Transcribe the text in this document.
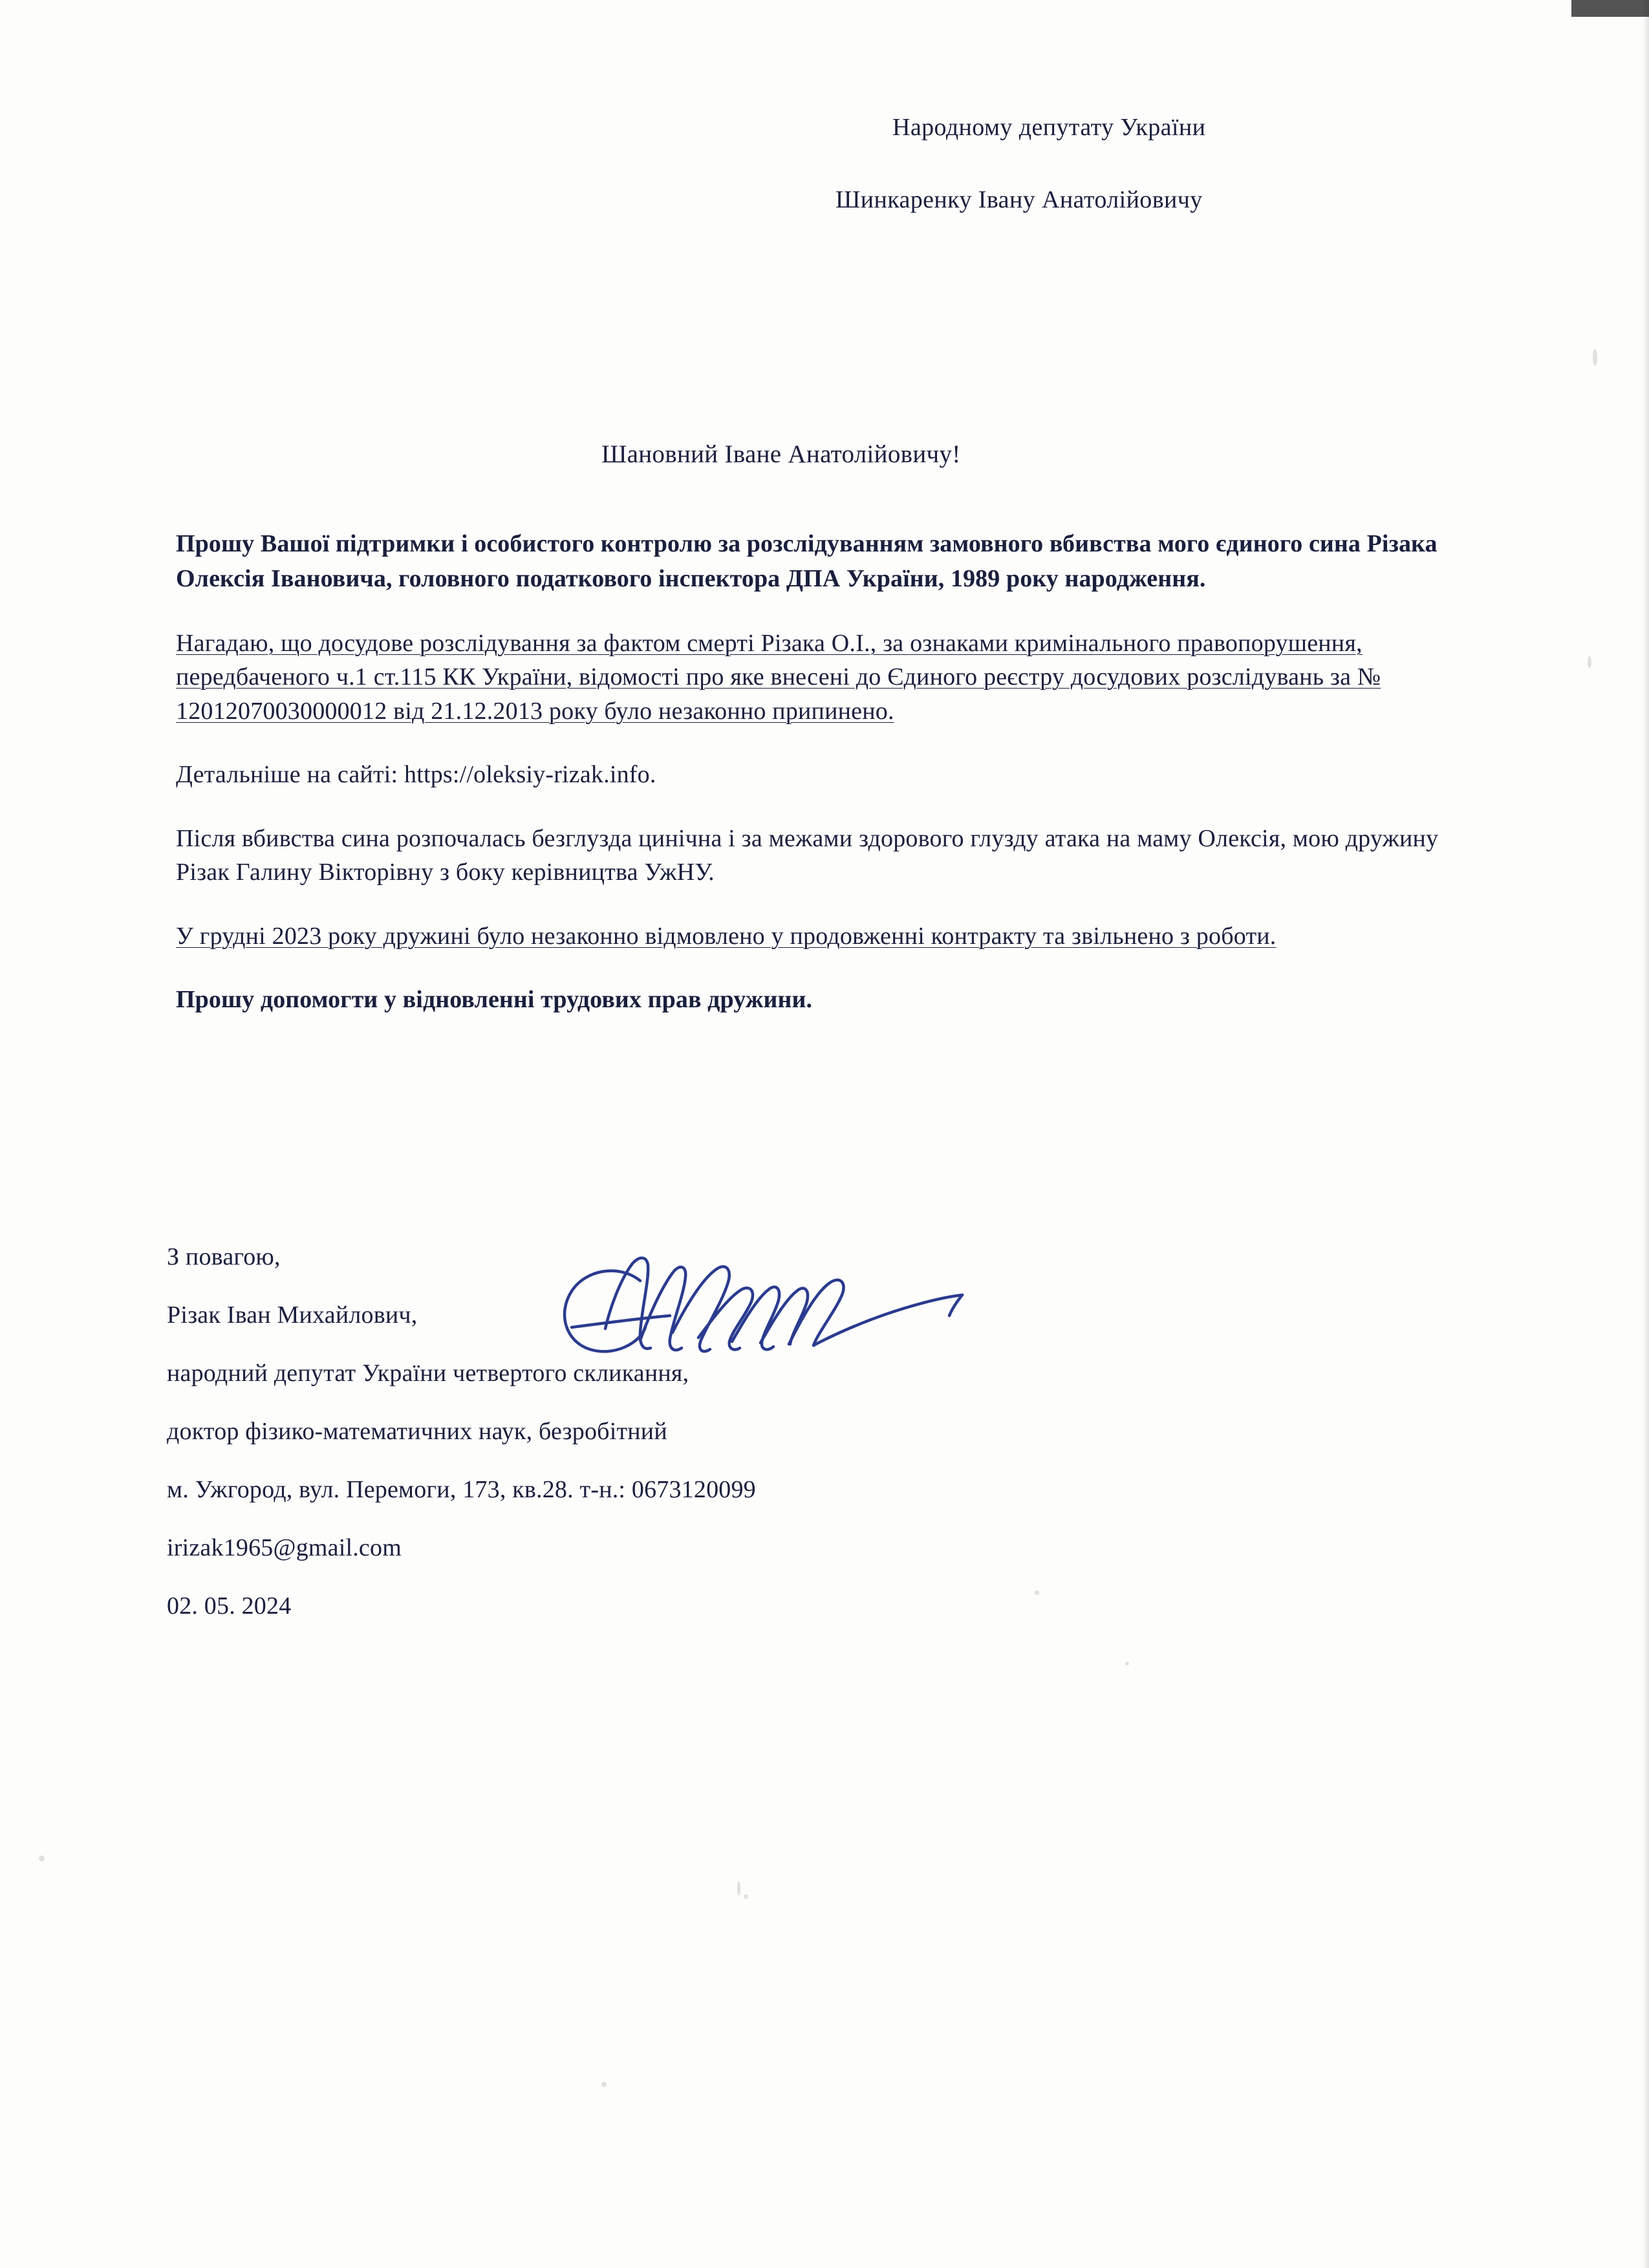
Народному депутату України
Шинкаренку Івану Анатолійовичу
Шановний Іване Анатолійовичу!

Прошу Вашої підтримки і особистого контролю за розслідуванням замовного вбивства мого єдиного сина Різака Олексія Івановича, головного податкового інспектора ДПА України, 1989 року народження.

Нагадаю, що досудове розслідування за фактом смерті Різака О.І., за ознаками кримінального правопорушення, передбаченого ч.1 ст.115 КК України, відомості про яке внесені до Єдиного реєстру досудових розслідувань за № 12012070030000012 від 21.12.2013 року було незаконно припинено.

Детальніше на сайті: https://oleksiy-rizak.info.

Після вбивства сина розпочалась безглузда цинічна і за межами здорового глузду атака на маму Олексія, мою дружину Різак Галину Вікторівну з боку керівництва УжНУ.

У грудні 2023 року дружині було незаконно відмовлено у продовженні контракту та звільнено з роботи.

Прошу допомогти у відновленні трудових прав дружини.

З повагою,
Різак Іван Михайлович,
народний депутат України четвертого скликання,
доктор фізико-математичних наук, безробітний
м. Ужгород, вул. Перемоги, 173, кв.28. т-н.: 0673120099
irizak1965@gmail.com
02. 05. 2024
